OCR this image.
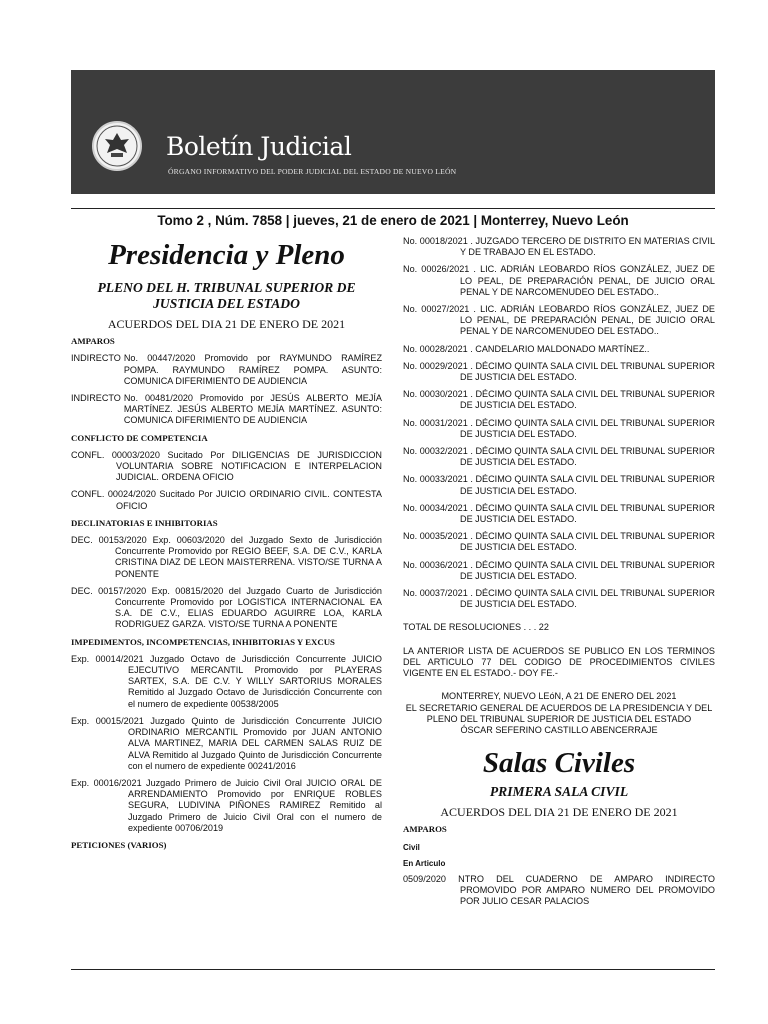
Boletín Judicial
ÓRGANO INFORMATIVO DEL PODER JUDICIAL DEL ESTADO DE NUEVO LEÓN
Tomo 2 , Núm. 7858 | jueves, 21 de enero de 2021 | Monterrey, Nuevo León
Presidencia y Pleno
PLENO DEL H. TRIBUNAL SUPERIOR DE JUSTICIA DEL ESTADO
ACUERDOS DEL DIA 21 DE ENERO DE 2021
AMPAROS
INDIRECTO No. 00447/2020 Promovido por RAYMUNDO RAMÍREZ POMPA. RAYMUNDO RAMÍREZ POMPA. ASUNTO: COMUNICA DIFERIMIENTO DE AUDIENCIA
INDIRECTO No. 00481/2020 Promovido por JESÚS ALBERTO MEJÍA MARTÍNEZ. JESÚS ALBERTO MEJÍA MARTÍNEZ. ASUNTO: COMUNICA DIFERIMIENTO DE AUDIENCIA
CONFLICTO DE COMPETENCIA
CONFL. 00003/2020 Sucitado Por DILIGENCIAS DE JURISDICCION VOLUNTARIA SOBRE NOTIFICACION E INTERPELACION JUDICIAL. ORDENA OFICIO
CONFL. 00024/2020 Sucitado Por JUICIO ORDINARIO CIVIL. CONTESTA OFICIO
DECLINATORIAS E INHIBITORIAS
DEC. 00153/2020 Exp. 00603/2020 del Juzgado Sexto de Jurisdicción Concurrente Promovido por REGIO BEEF, S.A. DE C.V., KARLA CRISTINA DIAZ DE LEON MAISTERRENA. VISTO/SE TURNA A PONENTE
DEC. 00157/2020 Exp. 00815/2020 del Juzgado Cuarto de Jurisdicción Concurrente Promovido por LOGISTICA INTERNACIONAL EA S.A. DE C.V., ELIAS EDUARDO AGUIRRE LOA, KARLA RODRIGUEZ GARZA. VISTO/SE TURNA A PONENTE
IMPEDIMENTOS, INCOMPETENCIAS, INHIBITORIAS Y EXCUS
Exp. 00014/2021 Juzgado Octavo de Jurisdicción Concurrente JUICIO EJECUTIVO MERCANTIL Promovido por PLAYERAS SARTEX, S.A. DE C.V. Y WILLY SARTORIUS MORALES Remitido al Juzgado Octavo de Jurisdicción Concurrente con el numero de expediente 00538/2005
Exp. 00015/2021 Juzgado Quinto de Jurisdicción Concurrente JUICIO ORDINARIO MERCANTIL Promovido por JUAN ANTONIO ALVA MARTINEZ, MARIA DEL CARMEN SALAS RUIZ DE ALVA Remitido al Juzgado Quinto de Jurisdicción Concurrente con el numero de expediente 00241/2016
Exp. 00016/2021 Juzgado Primero de Juicio Civil Oral JUICIO ORAL DE ARRENDAMIENTO Promovido por ENRIQUE ROBLES SEGURA, LUDIVINA PIÑONES RAMIREZ Remitido al Juzgado Primero de Juicio Civil Oral con el numero de expediente 00706/2019
PETICIONES (VARIOS)
No. 00018/2021 . JUZGADO TERCERO DE DISTRITO EN MATERIAS CIVIL Y DE TRABAJO EN EL ESTADO.
No. 00026/2021 . LIC. ADRIÁN LEOBARDO RÍOS GONZÁLEZ, JUEZ DE LO PEAL, DE PREPARACIÓN PENAL, DE JUICIO ORAL PENAL Y DE NARCOMENUDEO DEL ESTADO..
No. 00027/2021 . LIC. ADRIÁN LEOBARDO RÍOS GONZÁLEZ, JUEZ DE LO PENAL, DE PREPARACIÓN PENAL, DE JUICIO ORAL PENAL Y DE NARCOMENUDEO DEL ESTADO..
No. 00028/2021 . CANDELARIO MALDONADO MARTÍNEZ..
No. 00029/2021 . DÉCIMO QUINTA SALA CIVIL DEL TRIBUNAL SUPERIOR DE JUSTICIA DEL ESTADO.
No. 00030/2021 . DÉCIMO QUINTA SALA CIVIL DEL TRIBUNAL SUPERIOR DE JUSTICIA DEL ESTADO.
No. 00031/2021 . DÉCIMO QUINTA SALA CIVIL DEL TRIBUNAL SUPERIOR DE JUSTICIA DEL ESTADO.
No. 00032/2021 . DÉCIMO QUINTA SALA CIVIL DEL TRIBUNAL SUPERIOR DE JUSTICIA DEL ESTADO.
No. 00033/2021 . DÉCIMO QUINTA SALA CIVIL DEL TRIBUNAL SUPERIOR DE JUSTICIA DEL ESTADO.
No. 00034/2021 . DÉCIMO QUINTA SALA CIVIL DEL TRIBUNAL SUPERIOR DE JUSTICIA DEL ESTADO.
No. 00035/2021 . DÉCIMO QUINTA SALA CIVIL DEL TRIBUNAL SUPERIOR DE JUSTICIA DEL ESTADO.
No. 00036/2021 . DÉCIMO QUINTA SALA CIVIL DEL TRIBUNAL SUPERIOR DE JUSTICIA DEL ESTADO.
No. 00037/2021 . DÉCIMO QUINTA SALA CIVIL DEL TRIBUNAL SUPERIOR DE JUSTICIA DEL ESTADO.
TOTAL DE RESOLUCIONES . . . 22
LA ANTERIOR LISTA DE ACUERDOS SE PUBLICO EN LOS TERMINOS DEL ARTICULO 77 DEL CODIGO DE PROCEDIMIENTOS CIVILES VIGENTE EN EL ESTADO.- DOY FE.-
MONTERREY, NUEVO LEóN, A 21 DE ENERO DEL 2021
EL SECRETARIO GENERAL DE ACUERDOS DE LA PRESIDENCIA Y DEL PLENO DEL TRIBUNAL SUPERIOR DE JUSTICIA DEL ESTADO
ÓSCAR SEFERINO CASTILLO ABENCERRAJE
Salas Civiles
PRIMERA SALA CIVIL
ACUERDOS DEL DIA 21 DE ENERO DE 2021
AMPAROS
Civil
En Articulo
0509/2020 NTRO DEL CUADERNO DE AMPARO INDIRECTO PROMOVIDO POR AMPARO NUMERO DEL PROMOVIDO POR JULIO CESAR PALACIOS
